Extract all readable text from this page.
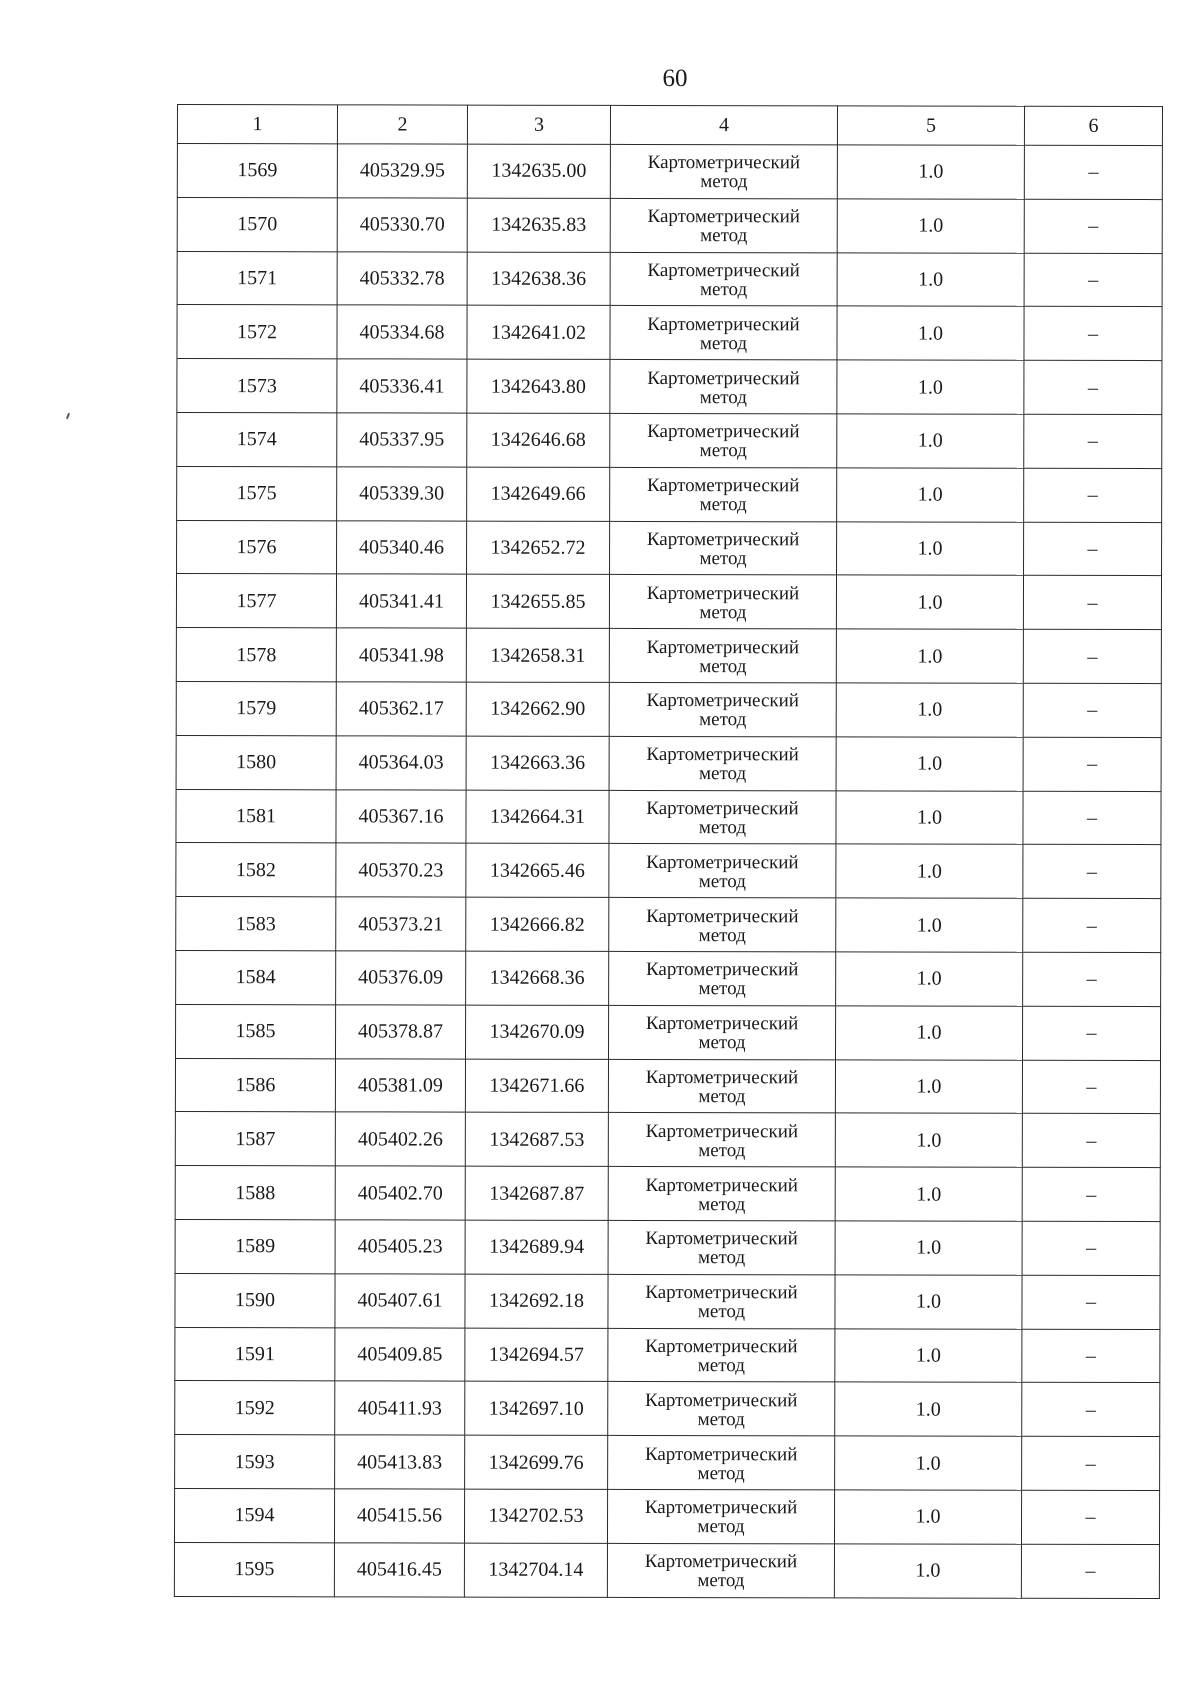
60
1	2	3	4	5	6
1569	405329.95	1342635.00	Картометрический
метод	1.0	–
1570	405330.70	1342635.83	Картометрический
метод	1.0	–
1571	405332.78	1342638.36	Картометрический
метод	1.0	–
1572	405334.68	1342641.02	Картометрический
метод	1.0	–
1573	405336.41	1342643.80	Картометрический
метод	1.0	–
1574	405337.95	1342646.68	Картометрический
метод	1.0	–
1575	405339.30	1342649.66	Картометрический
метод	1.0	–
1576	405340.46	1342652.72	Картометрический
метод	1.0	–
1577	405341.41	1342655.85	Картометрический
метод	1.0	–
1578	405341.98	1342658.31	Картометрический
метод	1.0	–
1579	405362.17	1342662.90	Картометрический
метод	1.0	–
1580	405364.03	1342663.36	Картометрический
метод	1.0	–
1581	405367.16	1342664.31	Картометрический
метод	1.0	–
1582	405370.23	1342665.46	Картометрический
метод	1.0	–
1583	405373.21	1342666.82	Картометрический
метод	1.0	–
1584	405376.09	1342668.36	Картометрический
метод	1.0	–
1585	405378.87	1342670.09	Картометрический
метод	1.0	–
1586	405381.09	1342671.66	Картометрический
метод	1.0	–
1587	405402.26	1342687.53	Картометрический
метод	1.0	–
1588	405402.70	1342687.87	Картометрический
метод	1.0	–
1589	405405.23	1342689.94	Картометрический
метод	1.0	–
1590	405407.61	1342692.18	Картометрический
метод	1.0	–
1591	405409.85	1342694.57	Картометрический
метод	1.0	–
1592	405411.93	1342697.10	Картометрический
метод	1.0	–
1593	405413.83	1342699.76	Картометрический
метод	1.0	–
1594	405415.56	1342702.53	Картометрический
метод	1.0	–
1595	405416.45	1342704.14	Картометрический
метод	1.0	–
